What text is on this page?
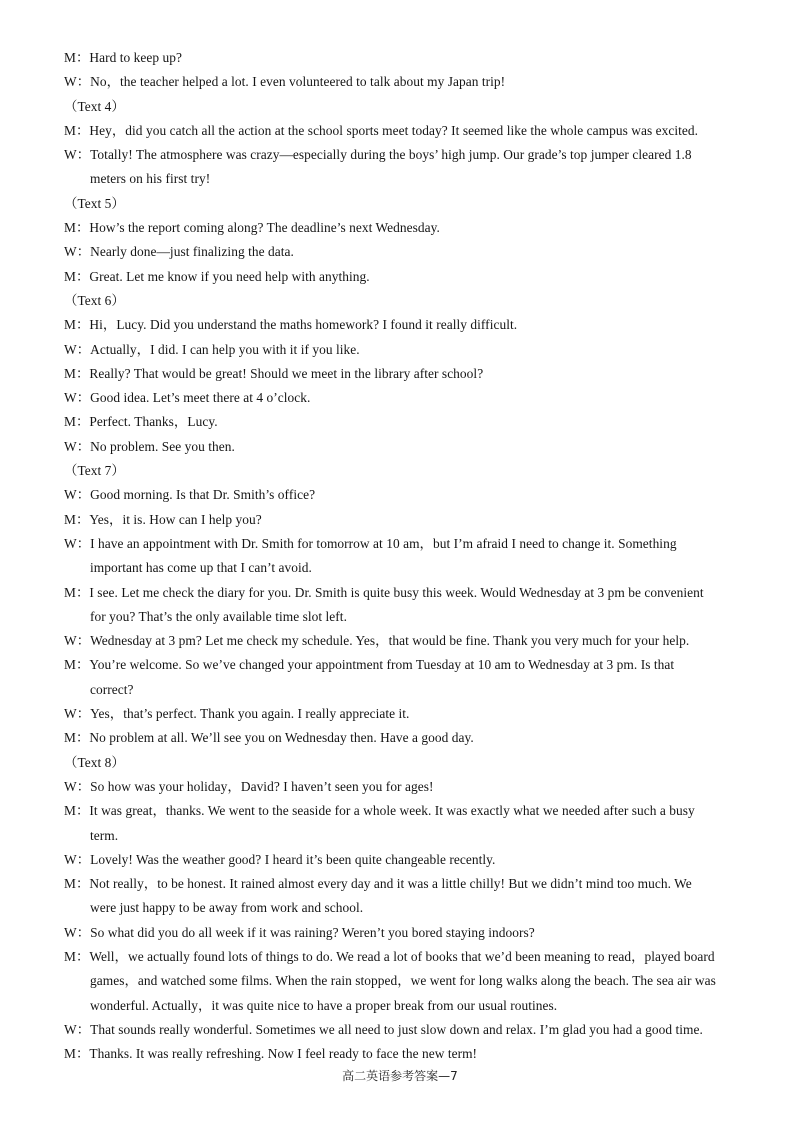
M：Hard to keep up?
W：No，the teacher helped a lot. I even volunteered to talk about my Japan trip!
（Text 4）
M：Hey，did you catch all the action at the school sports meet today? It seemed like the whole campus was excited.
W：Totally! The atmosphere was crazy—especially during the boys’ high jump. Our grade’s top jumper cleared 1.8
meters on his first try!
（Text 5）
M：How’s the report coming along? The deadline’s next Wednesday.
W：Nearly done—just finalizing the data.
M：Great. Let me know if you need help with anything.
（Text 6）
M：Hi，Lucy. Did you understand the maths homework? I found it really difficult.
W：Actually，I did. I can help you with it if you like.
M：Really? That would be great! Should we meet in the library after school?
W：Good idea. Let’s meet there at 4 o’clock.
M：Perfect. Thanks，Lucy.
W：No problem. See you then.
（Text 7）
W：Good morning. Is that Dr. Smith’s office?
M：Yes，it is. How can I help you?
W：I have an appointment with Dr. Smith for tomorrow at 10 am，but I’m afraid I need to change it. Something
important has come up that I can’t avoid.
M：I see. Let me check the diary for you. Dr. Smith is quite busy this week. Would Wednesday at 3 pm be convenient
for you? That’s the only available time slot left.
W：Wednesday at 3 pm? Let me check my schedule. Yes，that would be fine. Thank you very much for your help.
M：You’re welcome. So we’ve changed your appointment from Tuesday at 10 am to Wednesday at 3 pm. Is that
correct?
W：Yes，that’s perfect. Thank you again. I really appreciate it.
M：No problem at all. We’ll see you on Wednesday then. Have a good day.
（Text 8）
W：So how was your holiday，David? I haven’t seen you for ages!
M：It was great，thanks. We went to the seaside for a whole week. It was exactly what we needed after such a busy
term.
W：Lovely! Was the weather good? I heard it’s been quite changeable recently.
M：Not really，to be honest. It rained almost every day and it was a little chilly! But we didn’t mind too much. We
were just happy to be away from work and school.
W：So what did you do all week if it was raining? Weren’t you bored staying indoors?
M：Well，we actually found lots of things to do. We read a lot of books that we’d been meaning to read，played board
games，and watched some films. When the rain stopped，we went for long walks along the beach. The sea air was
wonderful. Actually，it was quite nice to have a proper break from our usual routines.
W：That sounds really wonderful. Sometimes we all need to just slow down and relax. I’m glad you had a good time.
M：Thanks. It was really refreshing. Now I feel ready to face the new term!
高二英语参考答案—7
